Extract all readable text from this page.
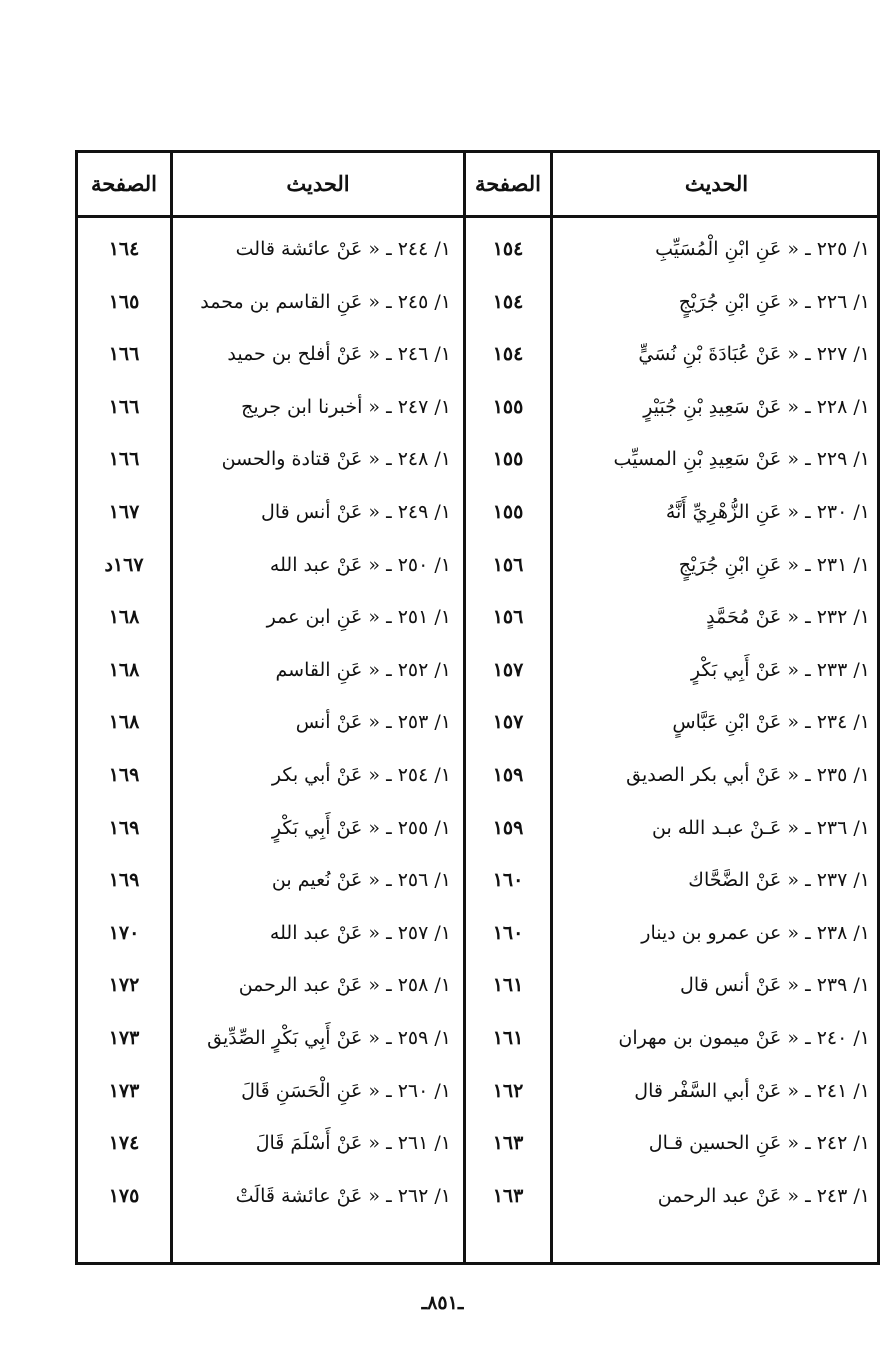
الحديث
الصفحة
الحديث
الصفحة
١/ ٢٢٥ ـ « عَنِ ابْنِ الْمُسَيِّبِ
١٥٤
١/ ٢٤٤ ـ « عَنْ عائشة قالت
١٦٤
١/ ٢٢٦ ـ « عَنِ ابْنِ جُرَيْجٍ
١٥٤
١/ ٢٤٥ ـ « عَنِ القاسم بن محمد
١٦٥
١/ ٢٢٧ ـ « عَنْ عُبَادَةَ بْنِ نُسَيٍّ
١٥٤
١/ ٢٤٦ ـ « عَنْ أفلح بن حميد
١٦٦
١/ ٢٢٨ ـ « عَنْ سَعِيدِ بْنِ جُبَيْرٍ
١٥٥
١/ ٢٤٧ ـ « أخبرنا ابن جريج
١٦٦
١/ ٢٢٩ ـ « عَنْ سَعِيدِ بْنِ المسيِّب
١٥٥
١/ ٢٤٨ ـ « عَنْ قتادة والحسن
١٦٦
١/ ٢٣٠ ـ « عَنِ الزُّهْرِيِّ أَنَّهُ
١٥٥
١/ ٢٤٩ ـ « عَنْ أنس قال
١٦٧
١/ ٢٣١ ـ « عَنِ ابْنِ جُرَيْجٍ
١٥٦
١/ ٢٥٠ ـ « عَنْ عبد الله
١٦٧د
١/ ٢٣٢ ـ « عَنْ مُحَمَّدٍ
١٥٦
١/ ٢٥١ ـ « عَنِ ابن عمر
١٦٨
١/ ٢٣٣ ـ « عَنْ أَبِي بَكْرٍ
١٥٧
١/ ٢٥٢ ـ « عَنِ القاسم
١٦٨
١/ ٢٣٤ ـ « عَنْ ابْنِ عَبَّاسٍ
١٥٧
١/ ٢٥٣ ـ « عَنْ أنس
١٦٨
١/ ٢٣٥ ـ « عَنْ أبي بكر الصديق
١٥٩
١/ ٢٥٤ ـ « عَنْ أبي بكر
١٦٩
١/ ٢٣٦ ـ « عَـنْ عبـد الله بن
١٥٩
١/ ٢٥٥ ـ « عَنْ أَبِي بَكْرٍ
١٦٩
١/ ٢٣٧ ـ « عَنْ الضَّحَّاك
١٦٠
١/ ٢٥٦ ـ « عَنْ نُعيم بن
١٦٩
١/ ٢٣٨ ـ « عن عمرو بن دينار
١٦٠
١/ ٢٥٧ ـ « عَنْ عبد الله
١٧٠
١/ ٢٣٩ ـ « عَنْ أنس قال
١٦١
١/ ٢٥٨ ـ « عَنْ عبد الرحمن
١٧٢
١/ ٢٤٠ ـ « عَنْ ميمون بن مهران
١٦١
١/ ٢٥٩ ـ « عَنْ أَبِي بَكْرٍ الصِّدِّيق
١٧٣
١/ ٢٤١ ـ « عَنْ أبي السَّفْر قال
١٦٢
١/ ٢٦٠ ـ « عَنِ الْحَسَنِ قَالَ
١٧٣
١/ ٢٤٢ ـ « عَنِ الحسين قـال
١٦٣
١/ ٢٦١ ـ « عَنْ أَسْلَمَ قَالَ
١٧٤
١/ ٢٤٣ ـ « عَنْ عبد الرحمن
١٦٣
١/ ٢٦٢ ـ « عَنْ عائشة قَالَتْ
١٧٥
ـ٨٥١ـ
